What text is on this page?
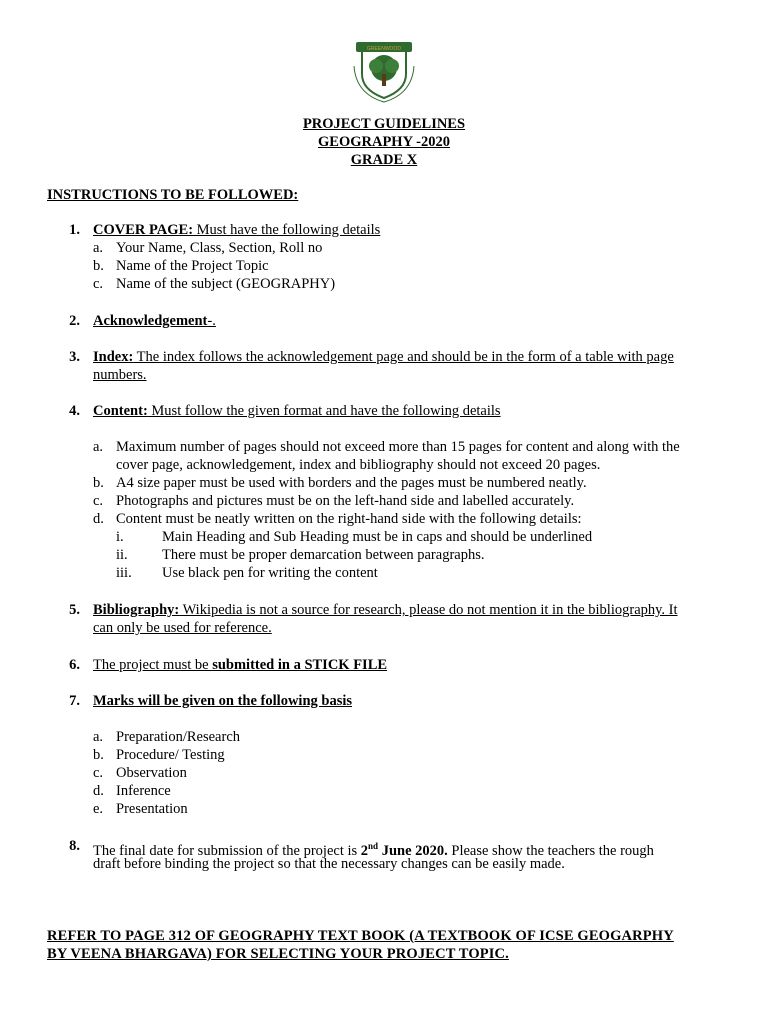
GREENWOOD
PROJECT GUIDELINES
GEOGRAPHY -2020
GRADE X
INSTRUCTIONS TO BE FOLLOWED:
1. COVER PAGE: Must have the following details
a. Your Name, Class, Section, Roll no
b. Name of the Project Topic
c. Name of the subject (GEOGRAPHY)
2. Acknowledgement-.
3. Index: The index follows the acknowledgement page and should be in the form of a table with page
numbers.
4. Content: Must follow the given format and have the following details
a. Maximum number of pages should not exceed more than 15 pages for content and along with the
cover page, acknowledgement, index and bibliography should not exceed 20 pages.
b. A4 size paper must be used with borders and the pages must be numbered neatly.
c. Photographs and pictures must be on the left-hand side and labelled accurately.
d. Content must be neatly written on the right-hand side with the following details:
i.	Main Heading and Sub Heading must be in caps and should be underlined
ii. There must be proper demarcation between paragraphs.
iii. Use black pen for writing the content
5. Bibliography: Wikipedia is not a source for research, please do not mention it in the bibliography. It
can only be used for reference.
6. The project must be submitted in a STICK FILE
7. Marks will be given on the following basis
a. Preparation/Research
b. Procedure/ Testing
c. Observation
d. Inference
e. Presentation
8. The final date for submission of the project is 2nd June 2020. Please show the teachers the rough
draft before binding the project so that the necessary changes can be easily made.
REFER TO PAGE 312 OF GEOGRAPHY TEXT BOOK (A TEXTBOOK OF ICSE GEOGARPHY
BY VEENA BHARGAVA) FOR SELECTING YOUR PROJECT TOPIC.
